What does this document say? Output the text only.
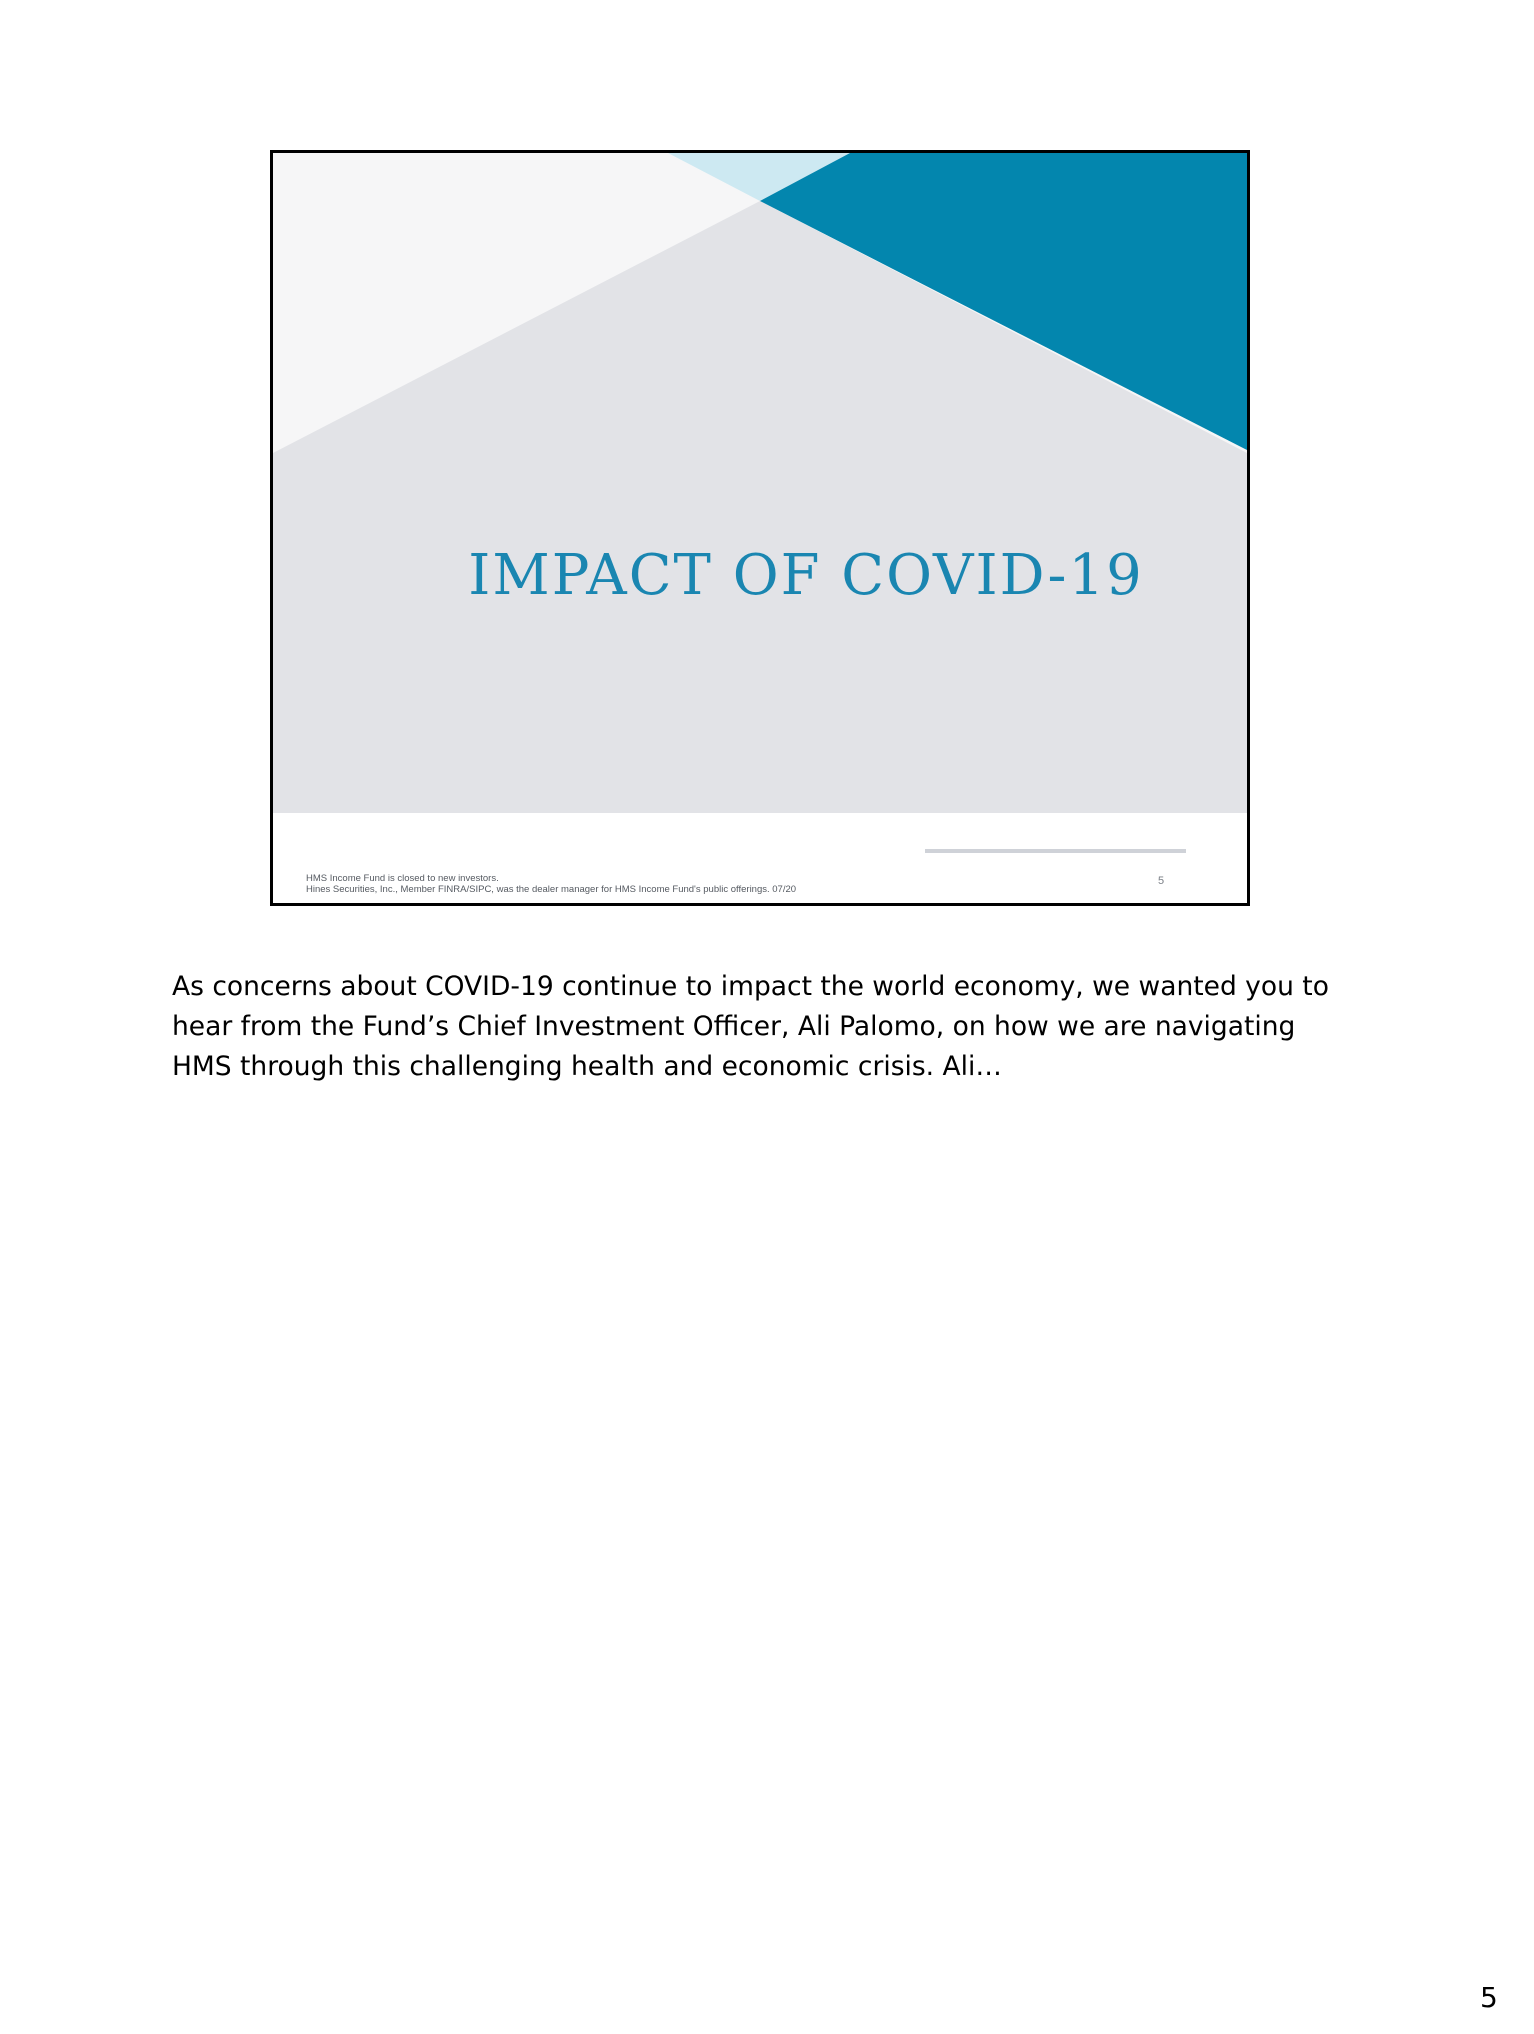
IMPACT OF COVID-19
HMS Income Fund is closed to new investors.
Hines Securities, Inc., Member FINRA/SIPC, was the dealer manager for HMS Income Fund's public offerings. 07/20
5
As concerns about COVID-19 continue to impact the world economy, we wanted you to
hear from the Fund’s Chief Investment Officer, Ali Palomo, on how we are navigating
HMS through this challenging health and economic crisis. Ali…
5
